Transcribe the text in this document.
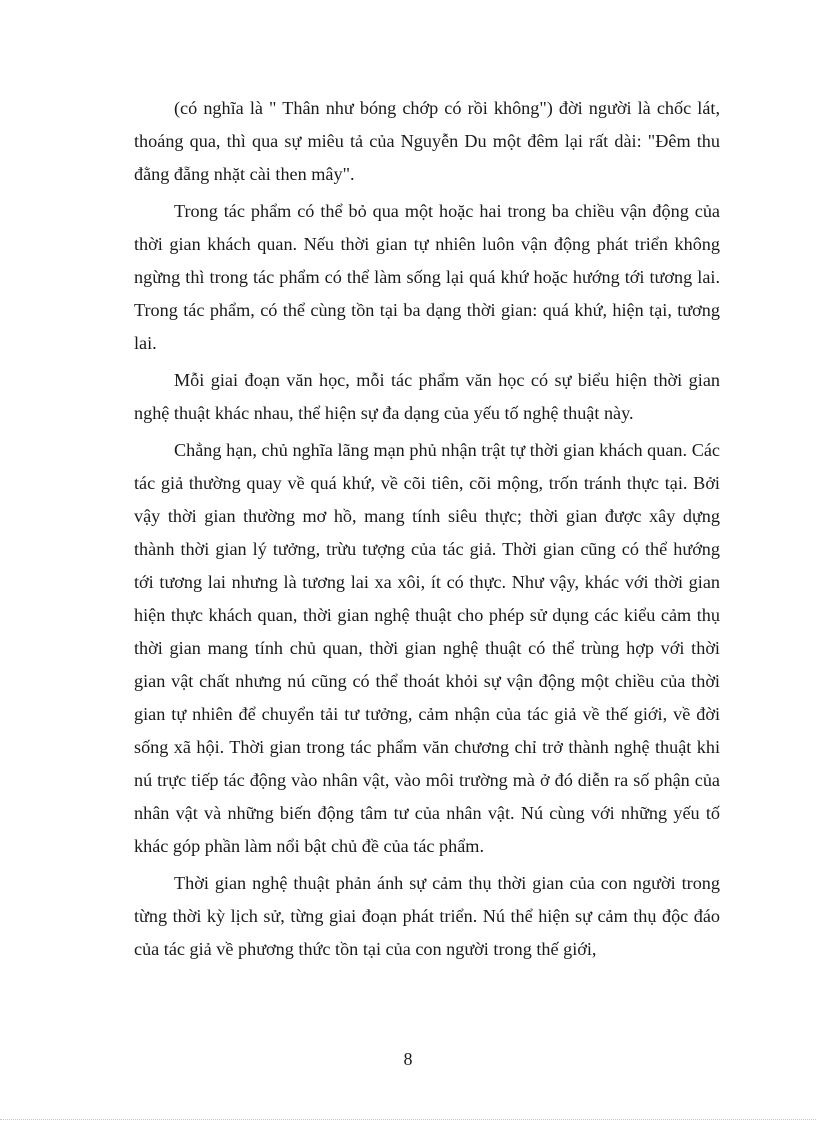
(có nghĩa là " Thân như bóng chớp có rồi không") đời người là chốc lát, thoáng qua, thì qua sự miêu tả của Nguyễn Du một đêm lại rất dài: "Đêm thu đằng đẵng nhặt cài then mây".

Trong tác phẩm có thể bỏ qua một hoặc hai trong ba chiều vận động của thời gian khách quan. Nếu thời gian tự nhiên luôn vận động phát triển không ngừng thì trong tác phẩm có thể làm sống lại quá khứ hoặc hướng tới tương lai. Trong tác phẩm, có thể cùng tồn tại ba dạng thời gian: quá khứ, hiện tại, tương lai.

Mỗi giai đoạn văn học, mỗi tác phẩm văn học có sự biểu hiện thời gian nghệ thuật khác nhau, thể hiện sự đa dạng của yếu tố nghệ thuật này.

Chẳng hạn, chủ nghĩa lãng mạn phủ nhận trật tự thời gian khách quan. Các tác giả thường quay về quá khứ, về cõi tiên, cõi mộng, trốn tránh thực tại. Bởi vậy thời gian thường mơ hồ, mang tính siêu thực; thời gian được xây dựng thành thời gian lý tưởng, trừu tượng của tác giả. Thời gian cũng có thể hướng tới tương lai nhưng là tương lai xa xôi, ít có thực. Như vậy, khác với thời gian hiện thực khách quan, thời gian nghệ thuật cho phép sử dụng các kiểu cảm thụ thời gian mang tính chủ quan, thời gian nghệ thuật có thể trùng hợp với thời gian vật chất nhưng nú cũng có thể thoát khỏi sự vận động một chiều của thời gian tự nhiên để chuyển tải tư tưởng, cảm nhận của tác giả về thế giới, về đời sống xã hội. Thời gian trong tác phẩm văn chương chỉ trở thành nghệ thuật khi nú trực tiếp tác động vào nhân vật, vào môi trường mà ở đó diễn ra số phận của nhân vật và những biến động tâm tư của nhân vật. Nú cùng với những yếu tố khác góp phần làm nổi bật chủ đề của tác phẩm.

Thời gian nghệ thuật phản ánh sự cảm thụ thời gian của con người trong từng thời kỳ lịch sử, từng giai đoạn phát triển. Nú thể hiện sự cảm thụ độc đáo của tác giả về phương thức tồn tại của con người trong thế giới,

8
